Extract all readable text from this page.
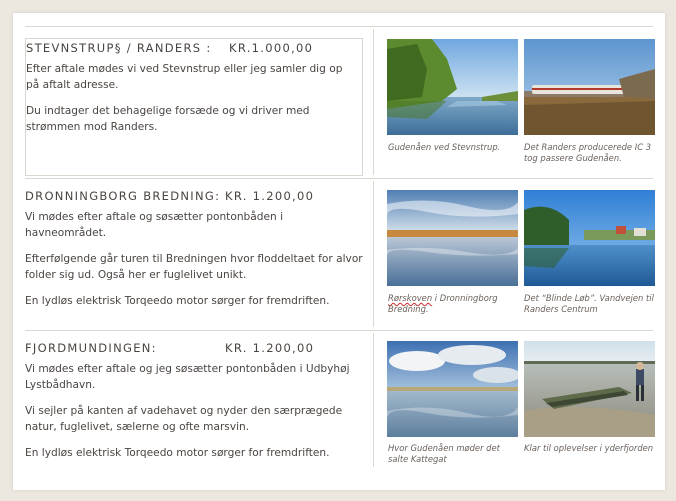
STEVNSTRUP§ / RANDERS : KR.1.000,00

Efter aftale mødes vi ved Stevnstrup eller jeg samler dig op på aftalt adresse.

Du indtager det behagelige forsæde og vi driver med strømmen mod Randers.

Gudenåen ved Stevnstrup.	Det Randers producerede IC 3 tog passere Gudenåen.
DRONNINGBORG BREDNING: KR. 1.200,00

Vi mødes efter aftale og søsætter pontonbåden i havneområdet.

Efterfølgende går turen til Bredningen hvor floddeltaet for alvor folder sig ud. Også her er fuglelivet unikt.

En lydløs elektrisk Torqeedo motor sørger for fremdriften.	Rørskoven i Dronningborg Bredning.
Det “Blinde Løb”. Vandvejen til Randers Centrum
FJORDMUNDINGEN:	KR. 1.200,00

Vi mødes efter aftale og jeg søsætter pontonbåden i Udbyhøj Lystbådhavn.

Vi sejler på kanten af vadehavet og nyder den særprægede natur, fuglelivet, sælerne og ofte marsvin.

En lydløs elektrisk Torqeedo motor sørger for fremdriften.	Hvor Gudenåen møder det salte Kattegat
Klar til oplevelser i yderfjorden
